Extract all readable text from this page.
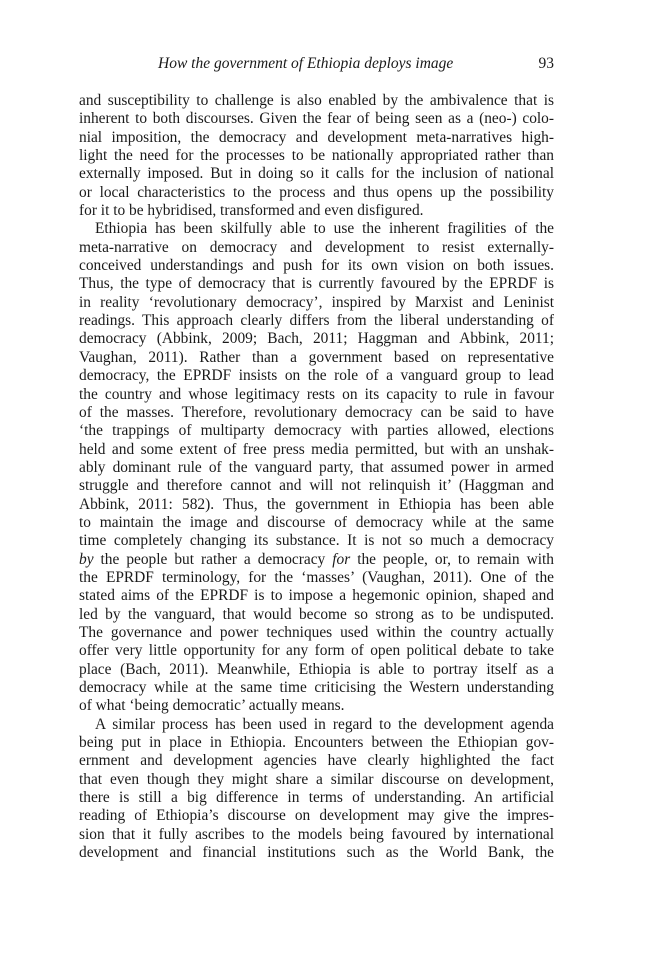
How the government of Ethiopia deploys image	93

and susceptibility to challenge is also enabled by the ambivalence that is
inherent to both discourses. Given the fear of being seen as a (neo-) colo-
nial imposition, the democracy and development meta-narratives high-
light the need for the processes to be nationally appropriated rather than
externally imposed. But in doing so it calls for the inclusion of national
or local characteristics to the process and thus opens up the possibility
for it to be hybridised, transformed and even disfigured.

Ethiopia has been skilfully able to use the inherent fragilities of the
meta-narrative on democracy and development to resist externally-
conceived understandings and push for its own vision on both issues.
Thus, the type of democracy that is currently favoured by the EPRDF is
in reality ‘revolutionary democracy’, inspired by Marxist and Leninist
readings. This approach clearly differs from the liberal understanding of
democracy (Abbink, 2009; Bach, 2011; Haggman and Abbink, 2011;
Vaughan, 2011). Rather than a government based on representative
democracy, the EPRDF insists on the role of a vanguard group to lead
the country and whose legitimacy rests on its capacity to rule in favour
of the masses. Therefore, revolutionary democracy can be said to have
‘the trappings of multiparty democracy with parties allowed, elections
held and some extent of free press media permitted, but with an unshak-
ably dominant rule of the vanguard party, that assumed power in armed
struggle and therefore cannot and will not relinquish it’ (Haggman and
Abbink, 2011: 582). Thus, the government in Ethiopia has been able
to maintain the image and discourse of democracy while at the same
time completely changing its substance. It is not so much a democracy
by the people but rather a democracy for the people, or, to remain with
the EPRDF terminology, for the ‘masses’ (Vaughan, 2011). One of the
stated aims of the EPRDF is to impose a hegemonic opinion, shaped and
led by the vanguard, that would become so strong as to be undisputed.
The governance and power techniques used within the country actually
offer very little opportunity for any form of open political debate to take
place (Bach, 2011). Meanwhile, Ethiopia is able to portray itself as a
democracy while at the same time criticising the Western understanding
of what ‘being democratic’ actually means.

A similar process has been used in regard to the development agenda
being put in place in Ethiopia. Encounters between the Ethiopian gov-
ernment and development agencies have clearly highlighted the fact
that even though they might share a similar discourse on development,
there is still a big difference in terms of understanding. An artificial
reading of Ethiopia’s discourse on development may give the impres-
sion that it fully ascribes to the models being favoured by international
development and financial institutions such as the World Bank, the
